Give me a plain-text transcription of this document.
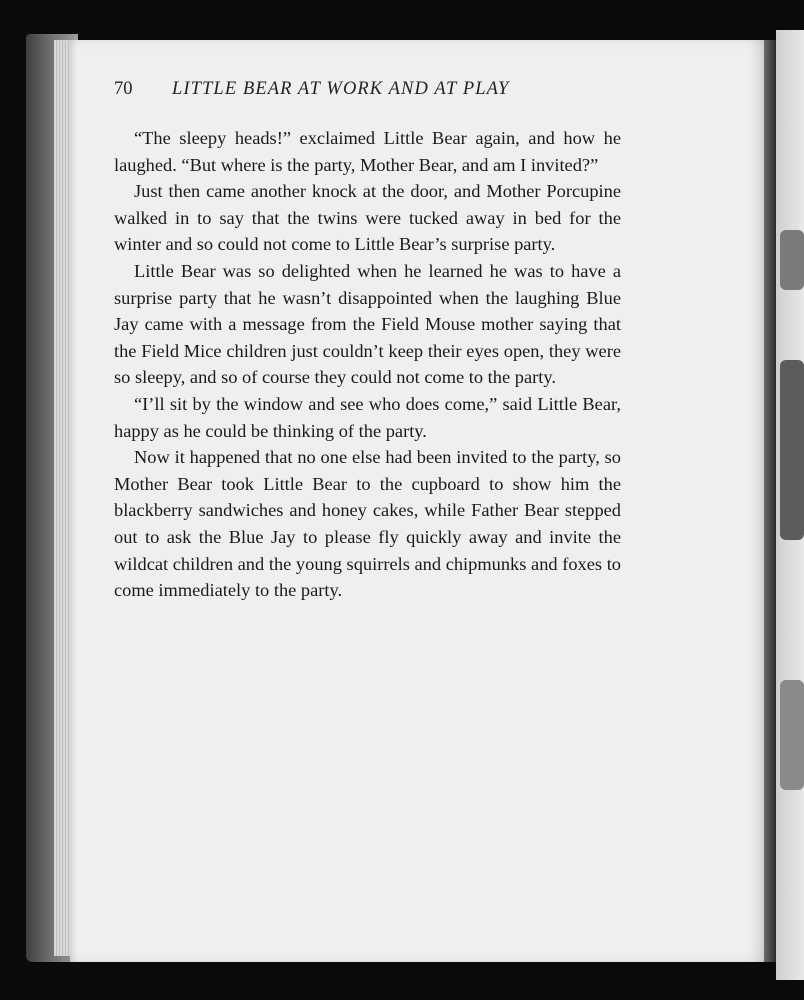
70 LITTLE BEAR AT WORK AND AT PLAY

“The sleepy heads!” exclaimed Little Bear again, and how he laughed. “But where is the party, Mother Bear, and am I invited?”

Just then came another knock at the door, and Mother Porcupine walked in to say that the twins were tucked away in bed for the winter and so could not come to Little Bear’s surprise party.

Little Bear was so delighted when he learned he was to have a surprise party that he wasn’t disappointed when the laughing Blue Jay came with a message from the Field Mouse mother saying that the Field Mice children just couldn’t keep their eyes open, they were so sleepy, and so of course they could not come to the party.

“I’ll sit by the window and see who does come,” said Little Bear, happy as he could be thinking of the party.

Now it happened that no one else had been invited to the party, so Mother Bear took Little Bear to the cupboard to show him the blackberry sandwiches and honey cakes, while Father Bear stepped out to ask the Blue Jay to please fly quickly away and invite the wildcat children and the young squirrels and chipmunks and foxes to come immediately to the party.
